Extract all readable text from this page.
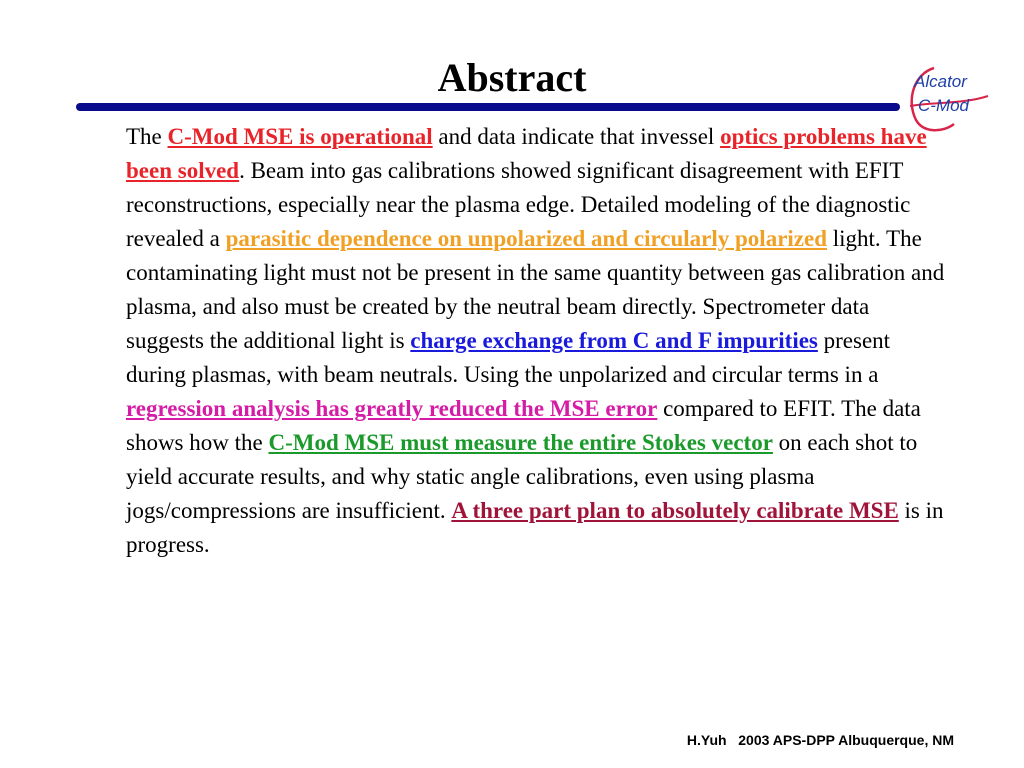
Abstract	Alcator
C-Mod
The C-Mod MSE is operational and data indicate that invessel optics problems have been solved. Beam into gas calibrations showed significant disagreement with EFIT reconstructions, especially near the plasma edge. Detailed modeling of the diagnostic revealed a parasitic dependence on unpolarized and circularly polarized light. The contaminating light must not be present in the same quantity between gas calibration and plasma, and also must be created by the neutral beam directly. Spectrometer data suggests the additional light is charge exchange from C and F impurities present during plasmas, with beam neutrals. Using the unpolarized and circular terms in a regression analysis has greatly reduced the MSE error compared to EFIT. The data shows how the C-Mod MSE must measure the entire Stokes vector on each shot to yield accurate results, and why static angle calibrations, even using plasma jogs/compressions are insufficient. A three part plan to absolutely calibrate MSE is in progress.
H.Yuh   2003 APS-DPP Albuquerque, NM
